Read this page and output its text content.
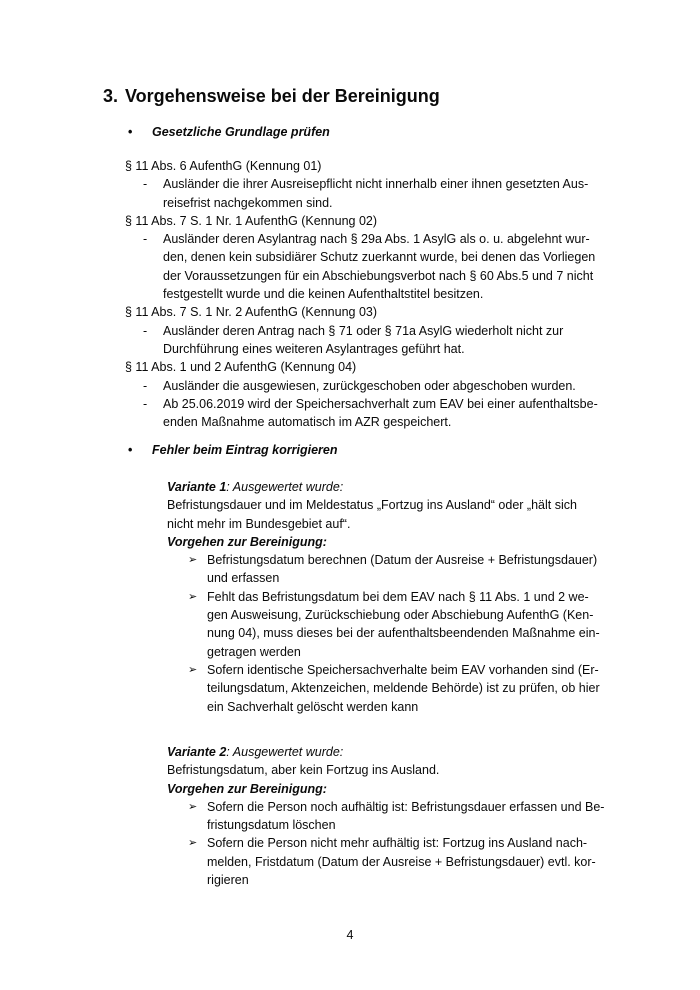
3. Vorgehensweise bei der Bereinigung
• Gesetzliche Grundlage prüfen
§ 11 Abs. 6 AufenthG (Kennung 01)
-	Ausländer die ihrer Ausreisepflicht nicht innerhalb einer ihnen gesetzten Aus-
reisefrist nachgekommen sind.
§ 11 Abs. 7 S. 1 Nr. 1 AufenthG (Kennung 02)
-	Ausländer deren Asylantrag nach § 29a Abs. 1 AsylG als o. u. abgelehnt wur-
den, denen kein subsidiärer Schutz zuerkannt wurde, bei denen das Vorliegen
der Voraussetzungen für ein Abschiebungsverbot nach § 60 Abs.5 und 7 nicht
festgestellt wurde und die keinen Aufenthaltstitel besitzen.
§ 11 Abs. 7 S. 1 Nr. 2 AufenthG (Kennung 03)
-	Ausländer deren Antrag nach § 71 oder § 71a AsylG wiederholt nicht zur
Durchführung eines weiteren Asylantrages geführt hat.
§ 11 Abs. 1 und 2 AufenthG (Kennung 04)
-	Ausländer die ausgewiesen, zurückgeschoben oder abgeschoben wurden.
-	Ab 25.06.2019 wird der Speichersachverhalt zum EAV bei einer aufenthaltsbe-
enden Maßnahme automatisch im AZR gespeichert.
• Fehler beim Eintrag korrigieren
Variante 1: Ausgewertet wurde:
Befristungsdauer und im Meldestatus „Fortzug ins Ausland“ oder „hält sich
nicht mehr im Bundesgebiet auf“.
Vorgehen zur Bereinigung:
➢ Befristungsdatum berechnen (Datum der Ausreise + Befristungsdauer)
und erfassen
➢ Fehlt das Befristungsdatum bei dem EAV nach § 11 Abs. 1 und 2 we-
gen Ausweisung, Zurückschiebung oder Abschiebung AufenthG (Ken-
nung 04), muss dieses bei der aufenthaltsbeendenden Maßnahme ein-
getragen werden
➢ Sofern identische Speichersachverhalte beim EAV vorhanden sind (Er-
teilungsdatum, Aktenzeichen, meldende Behörde) ist zu prüfen, ob hier
ein Sachverhalt gelöscht werden kann
Variante 2: Ausgewertet wurde:
Befristungsdatum, aber kein Fortzug ins Ausland.
Vorgehen zur Bereinigung:
➢ Sofern die Person noch aufhältig ist: Befristungsdauer erfassen und Be-
fristungsdatum löschen
➢ Sofern die Person nicht mehr aufhältig ist: Fortzug ins Ausland nach-
melden, Fristdatum (Datum der Ausreise + Befristungsdauer) evtl. kor-
rigieren
4
